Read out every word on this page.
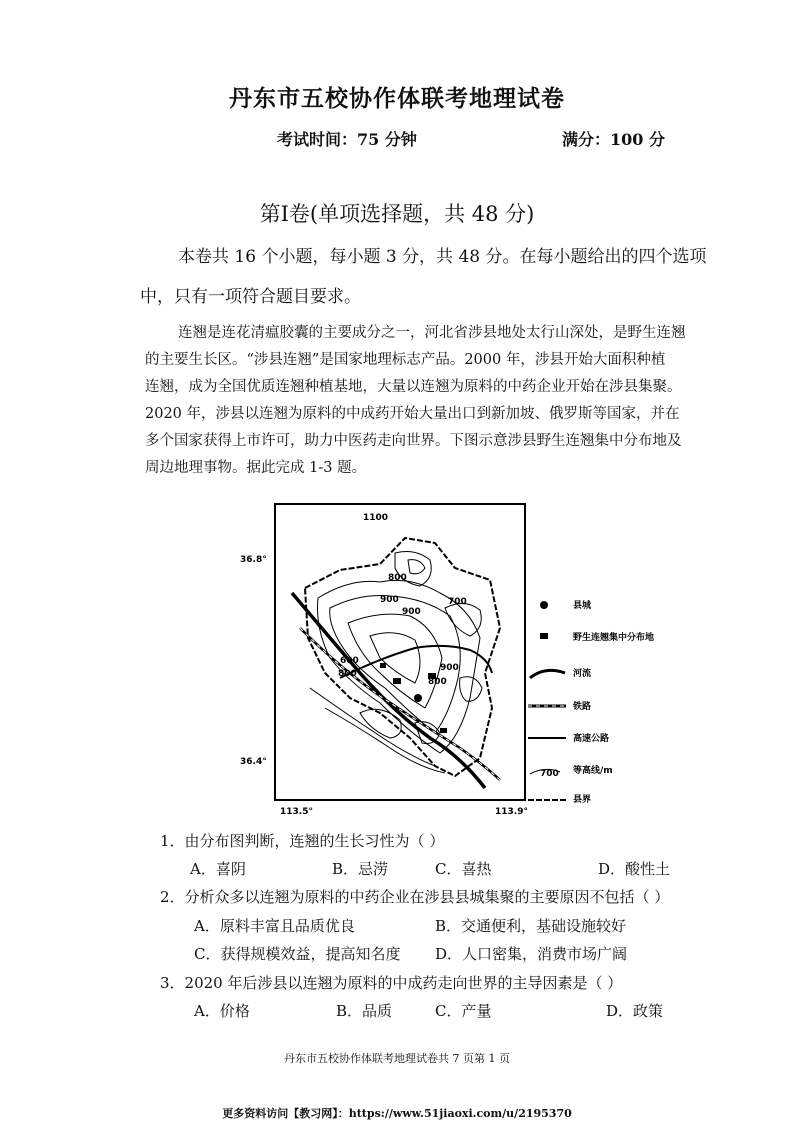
丹东市五校协作体联考地理试卷
考试时间：75 分钟	满分：100 分
第Ⅰ卷(单项选择题，共 48 分)
本卷共 16 个小题，每小题 3 分，共 48 分。在每小题给出的四个选项
中，只有一项符合题目要求。
连翘是连花清瘟胶囊的主要成分之一，河北省涉县地处太行山深处，是野生连翘
的主要生长区。“涉县连翘”是国家地理标志产品。2000 年，涉县开始大面积种植
连翘，成为全国优质连翘种植基地，大量以连翘为原料的中药企业开始在涉县集聚。
2020 年，涉县以连翘为原料的中成药开始大量出口到新加坡、俄罗斯等国家，并在
多个国家获得上市许可，助力中医药走向世界。下图示意涉县野生连翘集中分布地及
周边地理事物。据此完成 1-3 题。
1100
800
900	700
900
600
800
800
900
36.8°
36.4°
113.5°	113.9°
县城
野生连翘集中分布地
河流
铁路
高速公路
700 等高线/m
县界
1．由分布图判断，连翘的生长习性为（ ）
A．喜阴	B．忌涝	C．喜热	D．酸性土
2．分析众多以连翘为原料的中药企业在涉县县城集聚的主要原因不包括（ ）
A．原料丰富且品质优良	B．交通便利，基础设施较好
C．获得规模效益，提高知名度 D．人口密集，消费市场广阔
3．2020 年后涉县以连翘为原料的中成药走向世界的主导因素是（ ）
A．价格	B．品质	C．产量	D．政策
丹东市五校协作体联考地理试卷共 7 页第 1 页
更多资料访问【教习网】：https://www.51jiaoxi.com/u/2195370
